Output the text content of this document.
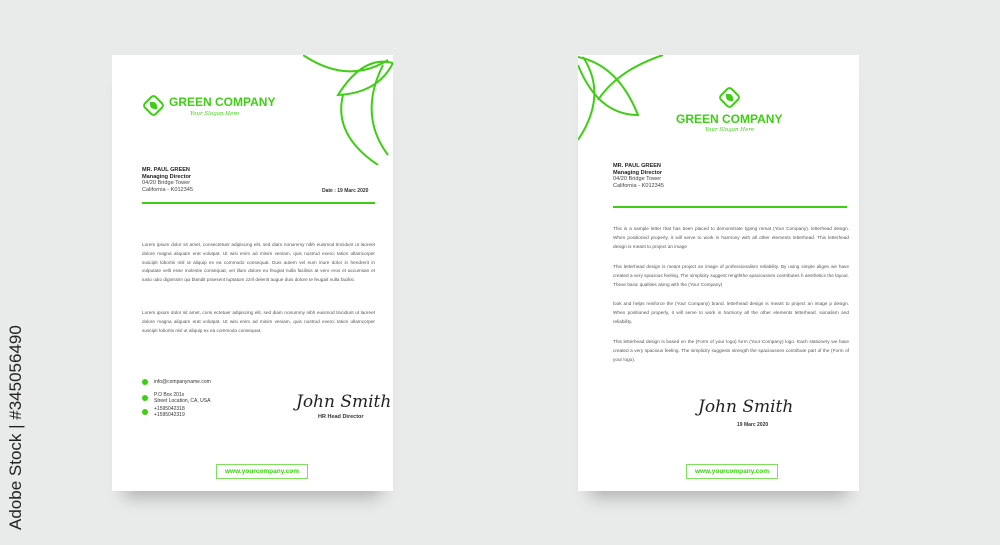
Adobe Stock | #345056490
GREEN COMPANY
Your Slogan Here
MR. PAUL GREEN
Managing Director
04/20 Bridge Tower
California - K012345	Date : 19 Marc 2020
Lorem ipsum dolor sit amet, consectetuer adipiscing elit, sed diam nonummy nibh euismod tincidunt ut laoreet dolore magna aliquam erat volutpat. Ut wisi enim ad minim veniam, quis nostrud exerci tation ullamcorper suscipit lobortis nisl ut aliquip ex ea commodo consequat. Duis autem vel eum iriure dolor in hendrerit in vulputate velit esse molestie consequat, vel illum dolore eu feugiat nulla facilisis at vero eros et accumsan et iusto odio dignissim qui blandit praesent luptatum zzril delenit augue duis dolore te feugait nulla facilisi.
Lorem ipsum dolor sit amet, cons ectetuer adipiscing elit, sed diam nonummy nibh euismod tincidunt ut laoreet dolore magna aliquam erat volutpat. Ut wisi enim ad minim veniam, quis nostrud exerci tation ullamcorper suscipit lobortis nisl ut aliquip ex ea commodo consequat.
info@companyname.com
P.O Box 201x
Street Location, CA, USA
+1595042318
+1595042319
John Smith
HR Head Director
www.yourcompany.com
GREEN COMPANY
Your Slogan Here
MR. PAUL GREEN
Managing Director
04/20 Bridge Tower
California - K012345
This is a sample letter that has been placed to demonstrate typing remat (Your Company). letterhead design. When positioned properly, it will serve to work in harmony with all other elements letterhead. This letterhead design is meant to project an image
This letterhead design is meant project an image of professionalism reliability. By using simple aligen we have created a very spacious feeling. The simplicity suggest rengththe spaciousnes contributes h aesthetics the layout. These basic qualities along with the (Your Company)
look and helps reinforce the (Your Company) brand. letterhead design is meant to project an image p design. When positioned properly, it will serve to work in harmony all the other elements letterhead. sionalism and reliability.
This letterhead design is based on the (Form of your logo) form (Your Company) logo. Each stationery we have created a very spacious feeling. The simplicity suggests strength the spaciousnes contribute part of the (Form of your logo).
John Smith
19 Marc 2020
www.yourcompany.com
